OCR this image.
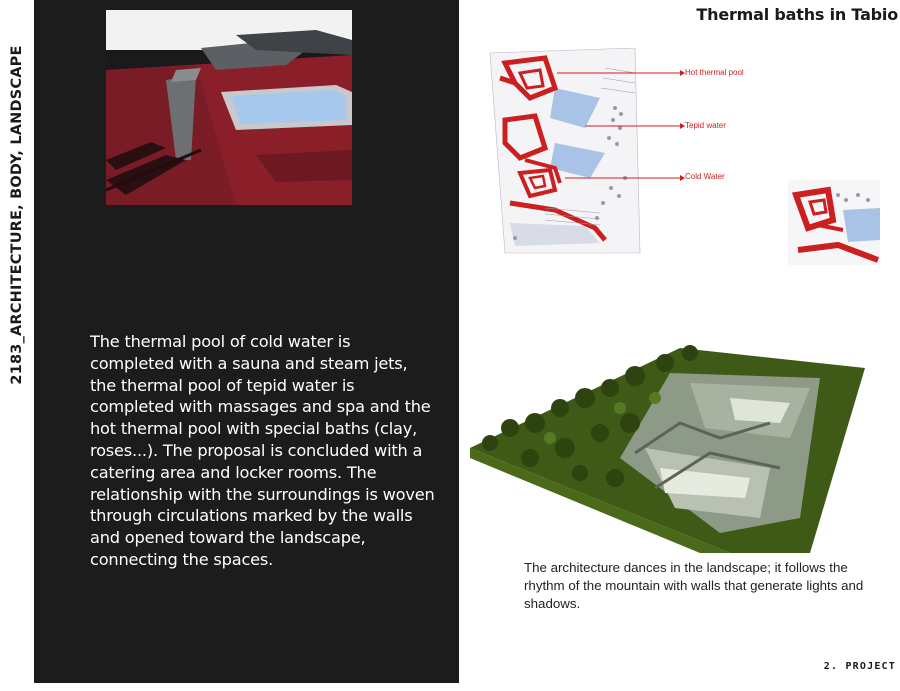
2183_ARCHITECTURE, BODY, LANDSCAPE	The thermal pool of cold water is completed with a sauna and steam jets, the thermal pool of tepid water is completed with massages and spa and the hot thermal pool with special baths (clay, roses...). The proposal is concluded with a catering area and locker rooms. The relationship with the surroundings is woven through circulations marked by the walls and opened toward the landscape, connecting the spaces.
Thermal baths in Tabio
Hot thermal pool
Tepid water
Cold Water
The architecture dances in the landscape; it follows the rhythm of the mountain with walls that generate lights and shadows.
2. PROJECT
